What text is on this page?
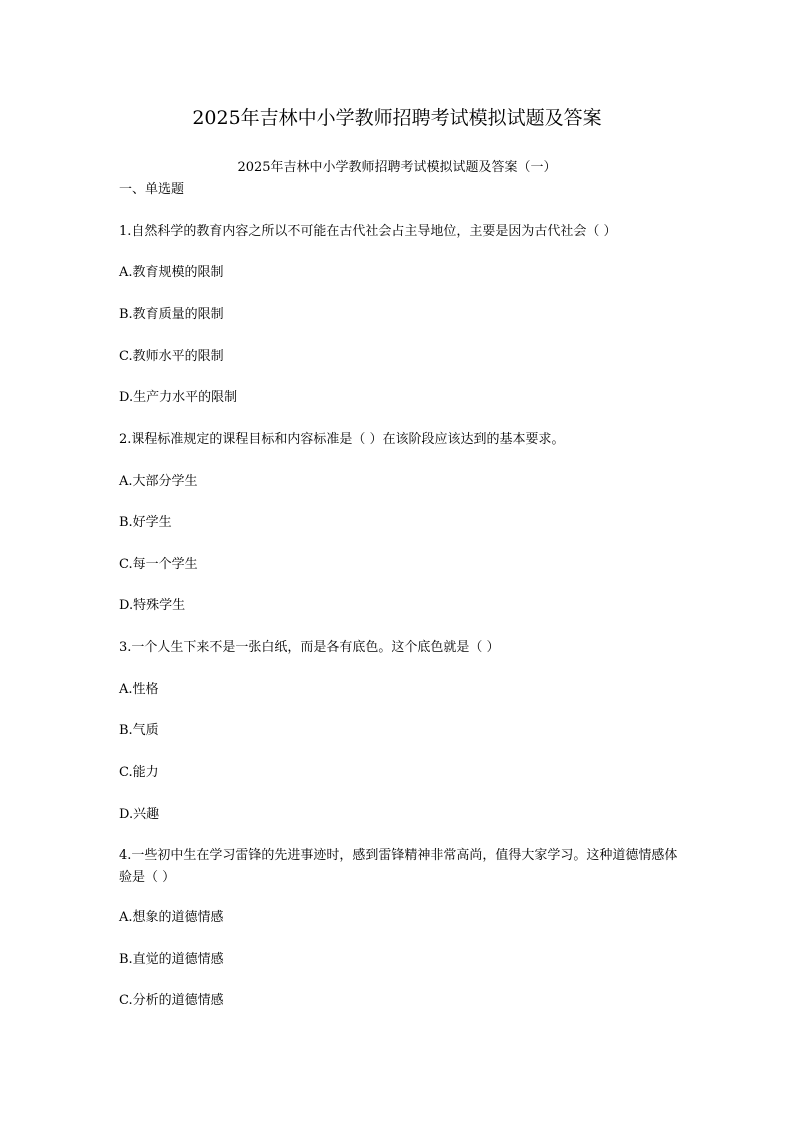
2025年吉林中小学教师招聘考试模拟试题及答案
2025年吉林中小学教师招聘考试模拟试题及答案（一）
一、单选题
1.自然科学的教育内容之所以不可能在古代社会占主导地位，主要是因为古代社会（ ）
A.教育规模的限制
B.教育质量的限制
C.教师水平的限制
D.生产力水平的限制
2.课程标准规定的课程目标和内容标准是（ ）在该阶段应该达到的基本要求。
A.大部分学生
B.好学生
C.每一个学生
D.特殊学生
3.一个人生下来不是一张白纸，而是各有底色。这个底色就是（ ）
A.性格
B.气质
C.能力
D.兴趣
4.一些初中生在学习雷锋的先进事迹时，感到雷锋精神非常高尚，值得大家学习。这种道德情感体验是（ ）
A.想象的道德情感
B.直觉的道德情感
C.分析的道德情感
